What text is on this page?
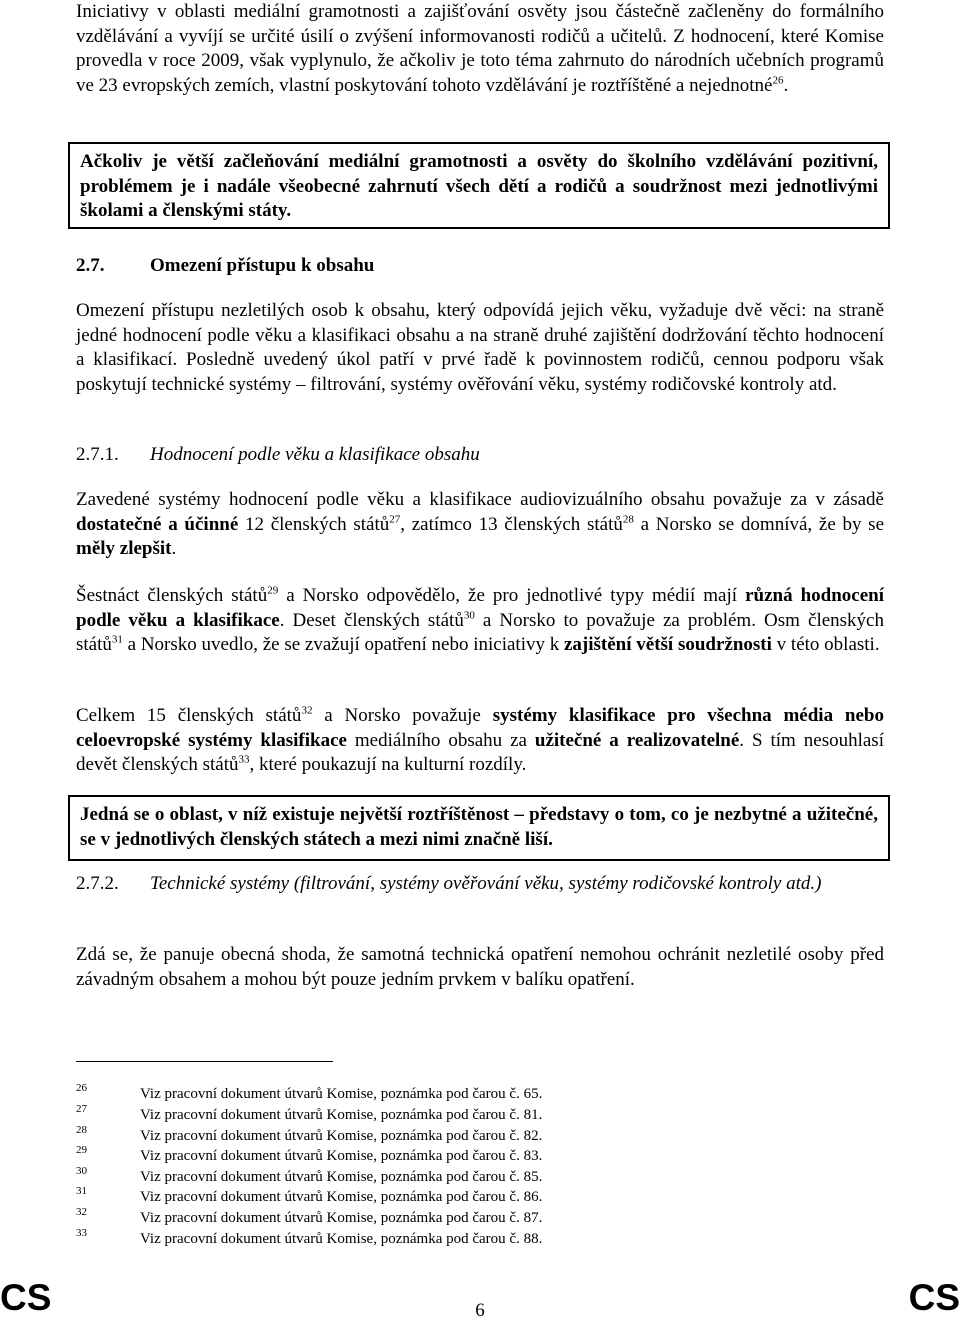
Iniciativy v oblasti mediální gramotnosti a zajišťování osvěty jsou částečně začleněny do formálního vzdělávání a vyvíjí se určité úsilí o zvýšení informovanosti rodičů a učitelů. Z hodnocení, které Komise provedla v roce 2009, však vyplynulo, že ačkoliv je toto téma zahrnuto do národních učebních programů ve 23 evropských zemích, vlastní poskytování tohoto vzdělávání je roztříštěné a nejednotné$^{26}$.

Ačkoliv je větší začleňování mediální gramotnosti a osvěty do školního vzdělávání pozitivní, problémem je i nadále všeobecné zahrnutí všech dětí a rodičů a soudržnost mezi jednotlivými školami a členskými státy.
2.7. Omezení přístupu k obsahu

Omezení přístupu nezletilých osob k obsahu, který odpovídá jejich věku, vyžaduje dvě věci: na straně jedné hodnocení podle věku a klasifikaci obsahu a na straně druhé zajištění dodržování těchto hodnocení a klasifikací. Posledně uvedený úkol patří v prvé řadě k povinnostem rodičů, cennou podporu však poskytují technické systémy – filtrování, systémy ověřování věku, systémy rodičovské kontroly atd.

2.7.1. Hodnocení podle věku a klasifikace obsahu

Zavedené systémy hodnocení podle věku a klasifikace audiovizuálního obsahu považuje za v zásadě dostatečné a účinné 12 členských států$^{27}$, zatímco 13 členských států$^{28}$ a Norsko se domnívá, že by se měly zlepšit.

Šestnáct členských států$^{29}$ a Norsko odpovědělo, že pro jednotlivé typy médií mají různá hodnocení podle věku a klasifikace. Deset členských států$^{30}$ a Norsko to považuje za problém. Osm členských států$^{31}$ a Norsko uvedlo, že se zvažují opatření nebo iniciativy k zajištění větší soudržnosti v této oblasti.

Celkem 15 členských států$^{32}$ a Norsko považuje systémy klasifikace pro všechna média nebo celoevropské systémy klasifikace mediálního obsahu za užitečné a realizovatelné. S tím nesouhlasí devět členských států$^{33}$, které poukazují na kulturní rozdíly.

Jedná se o oblast, v níž existuje největší roztříštěnost – představy o tom, co je nezbytné a užitečné, se v jednotlivých členských státech a mezi nimi značně liší.
2.7.2.	Technické systémy (filtrování, systémy ověřování věku, systémy rodičovské kontroly atd.)

Zdá se, že panuje obecná shoda, že samotná technická opatření nemohou ochránit nezletilé osoby před závadným obsahem a mohou být pouze jedním prvkem v balíku opatření.

26	Viz pracovní dokument útvarů Komise, poznámka pod čarou č. 65.
27	Viz pracovní dokument útvarů Komise, poznámka pod čarou č. 81.
28	Viz pracovní dokument útvarů Komise, poznámka pod čarou č. 82.
29	Viz pracovní dokument útvarů Komise, poznámka pod čarou č. 83.
30	Viz pracovní dokument útvarů Komise, poznámka pod čarou č. 85.
31	Viz pracovní dokument útvarů Komise, poznámka pod čarou č. 86.
32	Viz pracovní dokument útvarů Komise, poznámka pod čarou č. 87.
33	Viz pracovní dokument útvarů Komise, poznámka pod čarou č. 88.
CS	6	CS
